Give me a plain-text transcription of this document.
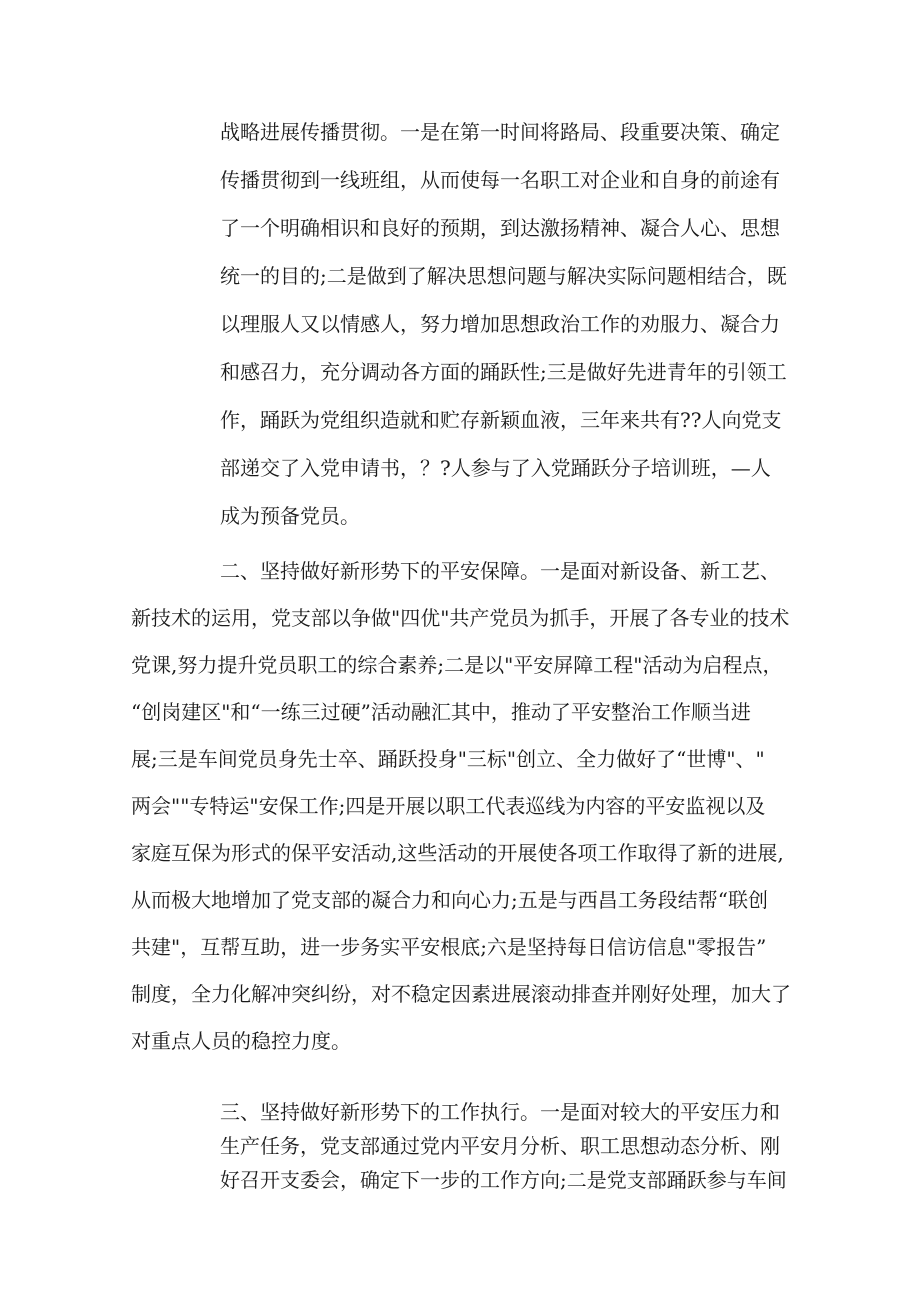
战略进展传播贯彻。一是在第一时间将路局、段重要决策、确定
传播贯彻到一线班组，从而使每一名职工对企业和自身的前途有
了一个明确相识和良好的预期，到达激扬精神、凝合人心、思想
统一的目的;二是做到了解决思想问题与解决实际问题相结合，既
以理服人又以情感人，努力增加思想政治工作的劝服力、凝合力
和感召力，充分调动各方面的踊跃性;三是做好先进青年的引领工
作，踊跃为党组织造就和贮存新颖血液，三年来共有??人向党支
部递交了入党申请书，？?人参与了入党踊跃分子培训班，—人
成为预备党员。
二、坚持做好新形势下的平安保障。一是面对新设备、新工艺、
新技术的运用，党支部以争做"四优"共产党员为抓手，开展了各专业的技术
党课,努力提升党员职工的综合素养;二是以"平安屏障工程"活动为启程点，
“创岗建区"和“一练三过硬”活动融汇其中，推动了平安整治工作顺当进
展;三是车间党员身先士卒、踊跃投身"三标"创立、全力做好了“世博"、"
两会""专特运"安保工作;四是开展以职工代表巡线为内容的平安监视以及
家庭互保为形式的保平安活动,这些活动的开展使各项工作取得了新的进展,
从而极大地增加了党支部的凝合力和向心力;五是与西昌工务段结帮“联创
共建"，互帮互助，进一步务实平安根底;六是坚持每日信访信息"零报告”
制度，全力化解冲突纠纷，对不稳定因素进展滚动排查并刚好处理，加大了
对重点人员的稳控力度。
三、坚持做好新形势下的工作执行。一是面对较大的平安压力和
生产任务，党支部通过党内平安月分析、职工思想动态分析、刚
好召开支委会，确定下一步的工作方向;二是党支部踊跃参与车间
